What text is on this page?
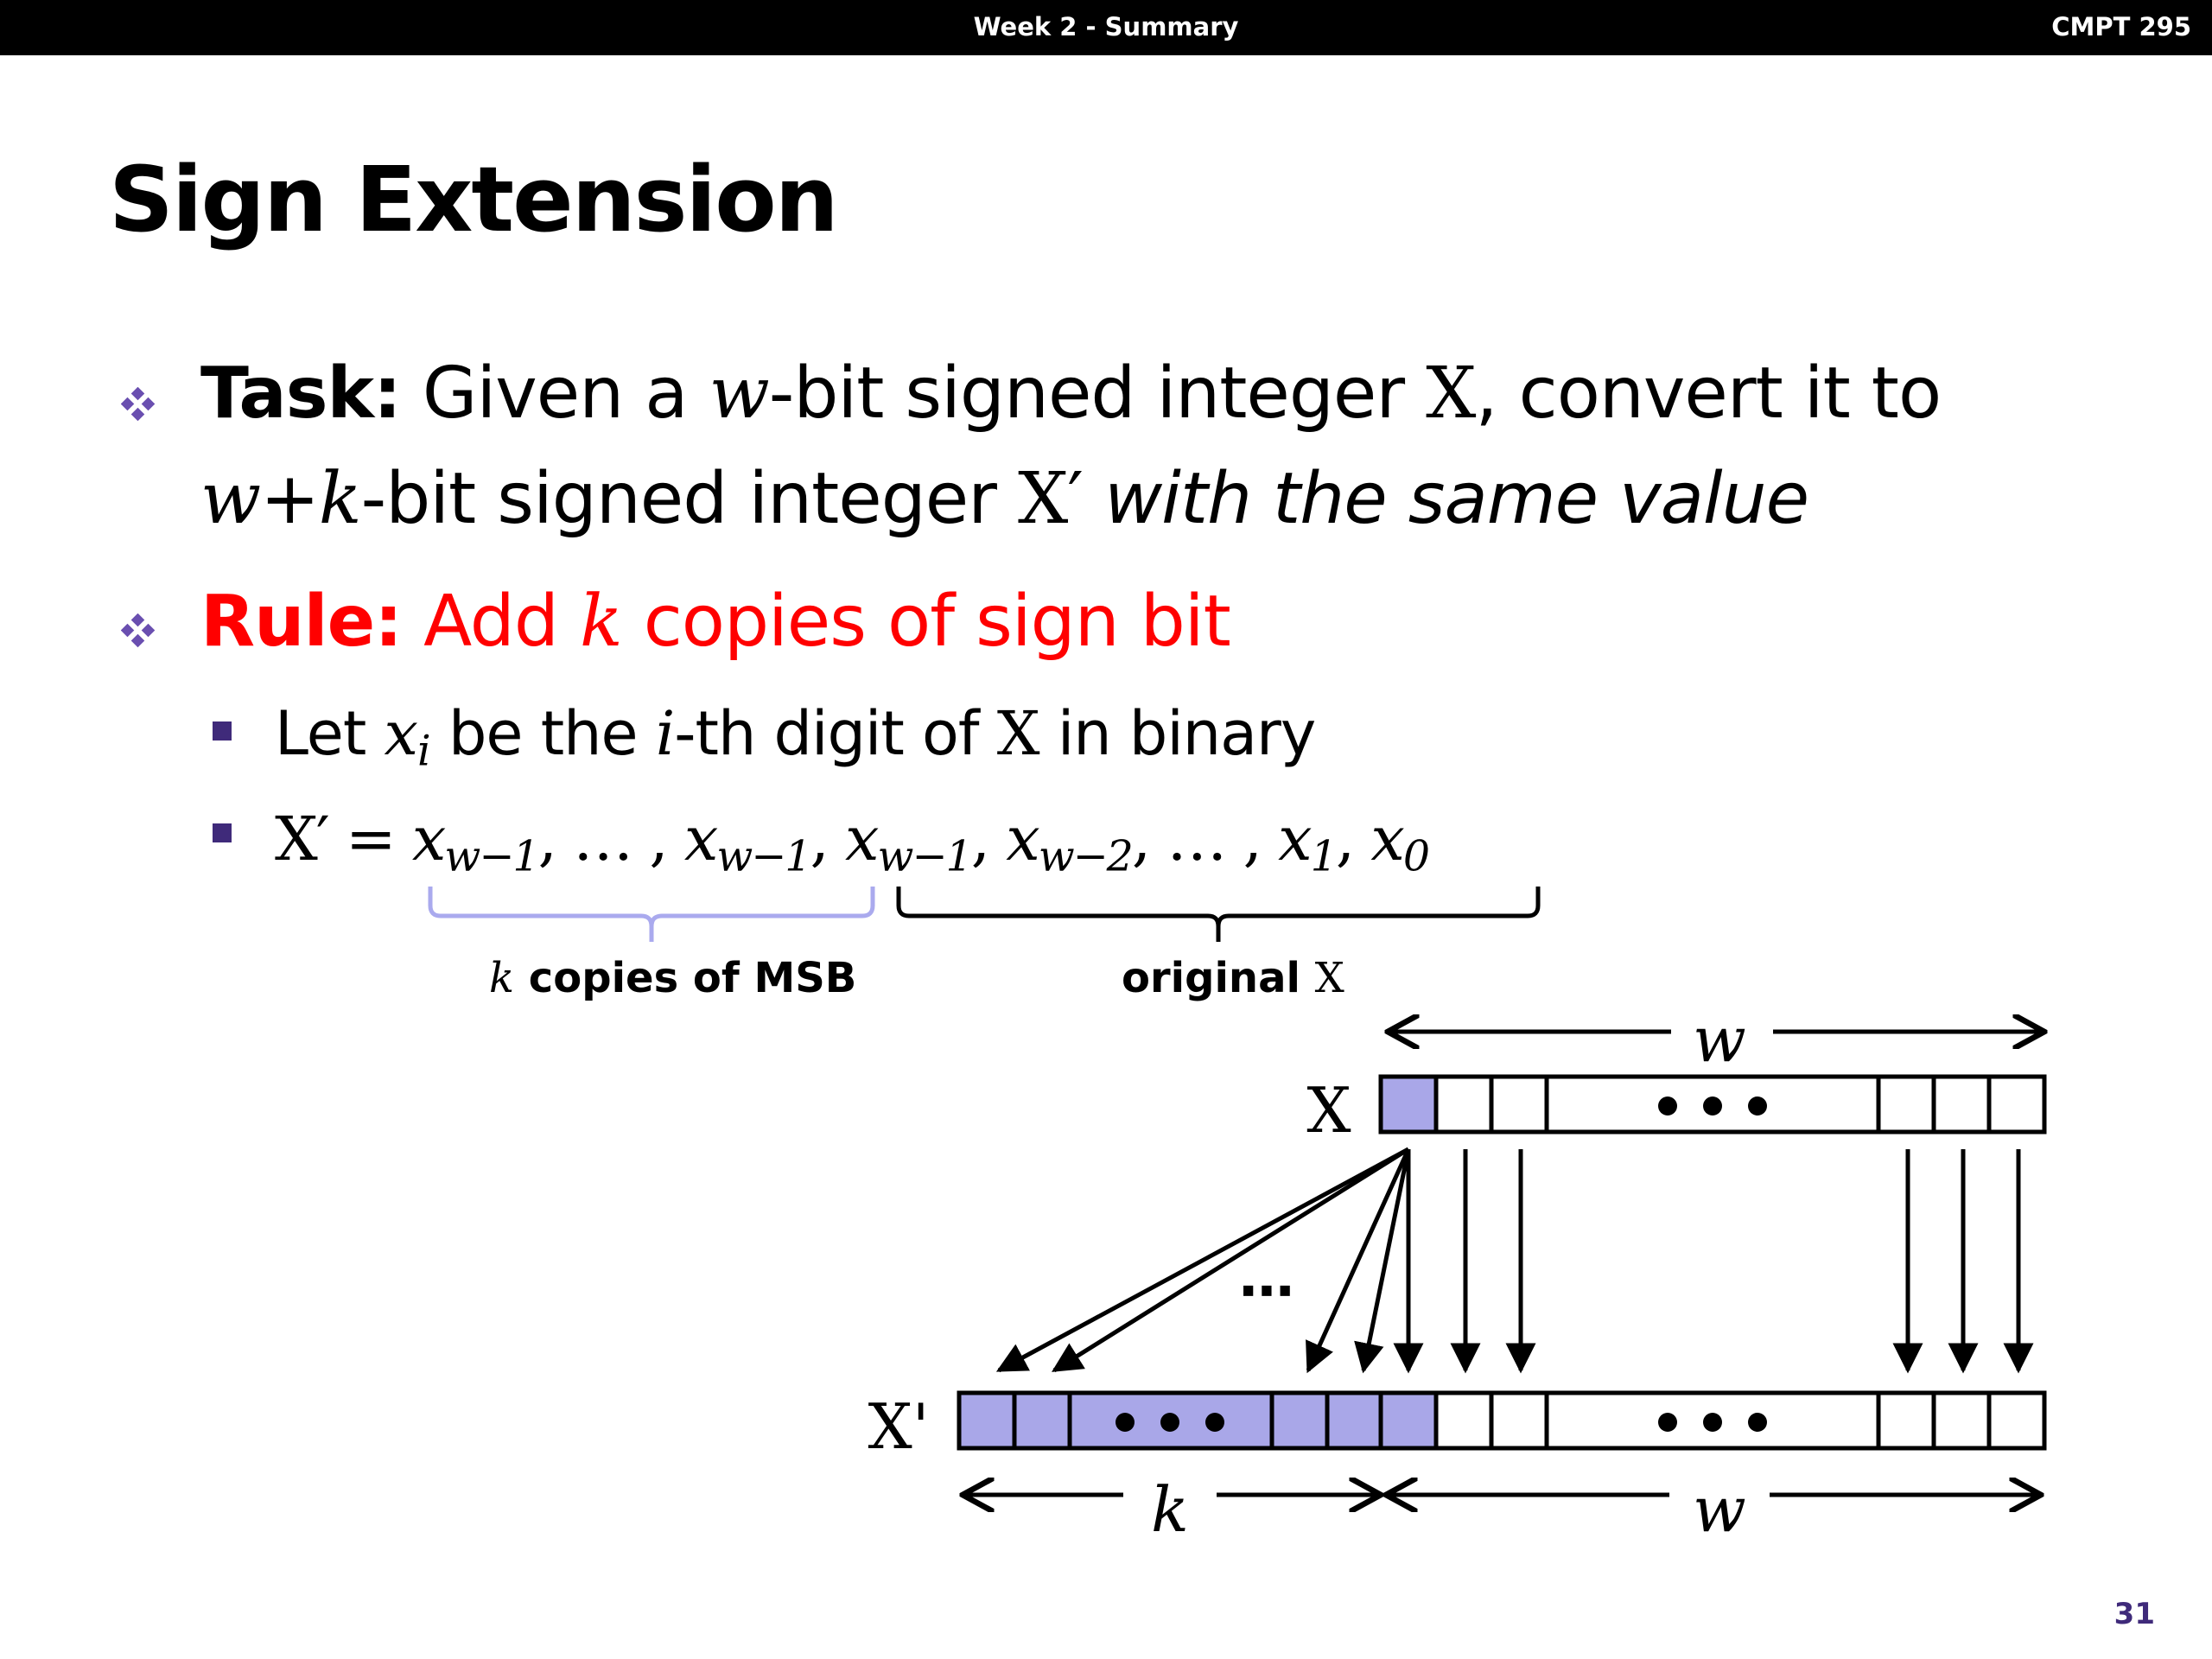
Week 2 - Summary	CMPT 295
Sign Extension
Task: Given a w-bit signed integer X, convert it to
w+k-bit signed integer X′ with the same value
Rule: Add k copies of sign bit
Let xi be the i-th digit of X in binary
X′ = xw−1, … , xw−1, xw−1, xw−2, … , x1, x0
k copies of MSB	original X
w
X
⋯
X'
k	w
31
